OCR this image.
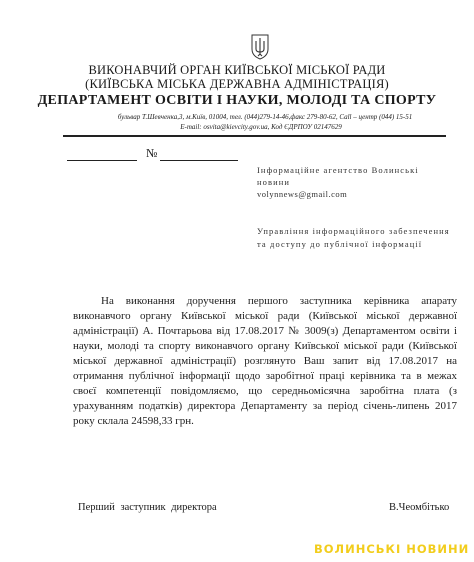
ВИКОНАВЧИЙ ОРГАН КИЇВСЬКОЇ МІСЬКОЇ РАДИ
(КИЇВСЬКА МІСЬКА ДЕРЖАВНА АДМІНІСТРАЦІЯ)
ДЕПАРТАМЕНТ ОСВІТИ І НАУКИ, МОЛОДІ ТА СПОРТУ
бульвар Т.Шевченка,3, м.Київ, 01004, тел. (044)279-14-46,факс 279-80-62, Call – центр (044) 15-51
E-mail: osvita@kievcity.gov.ua, Код ЄДРПОУ 02147629
№
Інформаційне агентство Волинські
новини
volynnews@gmail.com
Управління інформаційного забезпечення
та доступу до публічної інформації
На виконання доручення першого заступника керівника апарату виконавчого органу Київської міської ради (Київської міської державної адміністрації) А. Почтарьова від 17.08.2017 № 3009(з) Департаментом освіти і науки, молоді та спорту виконавчого органу Київської міської ради (Київської міської державної адміністрації) розглянуто Ваш запит від 17.08.2017 на отримання публічної інформації щодо заробітної праці керівника та в межах своєї компетенції повідомляємо, що середньомісячна заробітна плата (з урахуванням податків) директора Департаменту за період січень-липень 2017 року склала 24598,33 грн.
Перший заступник директора	В.Чеомбітько
ВОЛИНСЬКІ НОВИНИ
